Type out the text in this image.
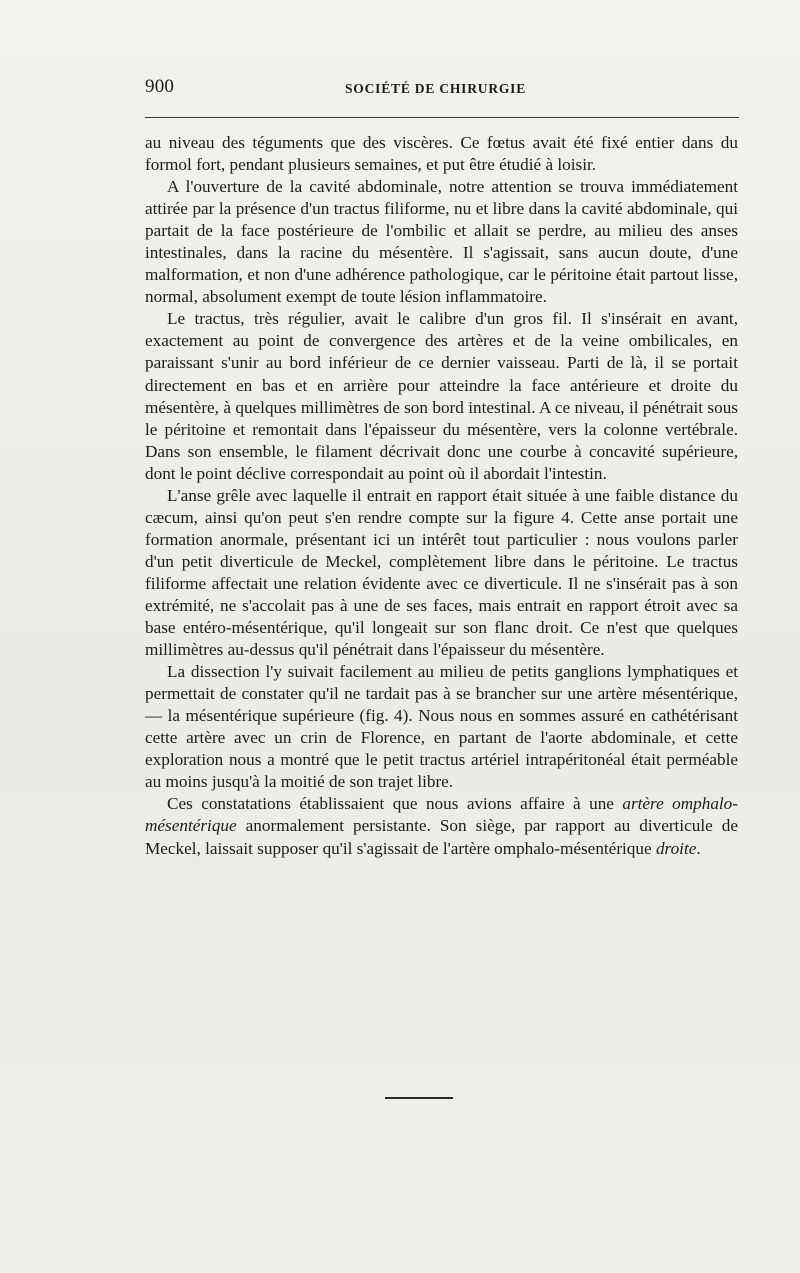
900	SOCIÉTÉ DE CHIRURGIE

au niveau des téguments que des viscères. Ce fœtus avait été fixé entier dans du formol fort, pendant plusieurs semaines, et put être étudié à loisir.

A l'ouverture de la cavité abdominale, notre attention se trouva immédiatement attirée par la présence d'un tractus filiforme, nu et libre dans la cavité abdominale, qui partait de la face postérieure de l'ombilic et allait se perdre, au milieu des anses intestinales, dans la racine du mésentère. Il s'agissait, sans aucun doute, d'une malformation, et non d'une adhérence pathologique, car le péritoine était partout lisse, normal, absolument exempt de toute lésion inflammatoire.

Le tractus, très régulier, avait le calibre d'un gros fil. Il s'insérait en avant, exactement au point de convergence des artères et de la veine ombilicales, en paraissant s'unir au bord inférieur de ce dernier vaisseau. Parti de là, il se portait directement en bas et en arrière pour atteindre la face antérieure et droite du mésentère, à quelques millimètres de son bord intestinal. A ce niveau, il pénétrait sous le péritoine et remontait dans l'épaisseur du mésentère, vers la colonne vertébrale. Dans son ensemble, le filament décrivait donc une courbe à concavité supérieure, dont le point déclive correspondait au point où il abordait l'intestin.

L'anse grêle avec laquelle il entrait en rapport était située à une faible distance du cæcum, ainsi qu'on peut s'en rendre compte sur la figure 4. Cette anse portait une formation anormale, présentant ici un intérêt tout particulier : nous voulons parler d'un petit diverticule de Meckel, complètement libre dans le péritoine. Le tractus filiforme affectait une relation évidente avec ce diverticule. Il ne s'insérait pas à son extrémité, ne s'accolait pas à une de ses faces, mais entrait en rapport étroit avec sa base entéro-mésentérique, qu'il longeait sur son flanc droit. Ce n'est que quelques millimètres au-dessus qu'il pénétrait dans l'épaisseur du mésentère.

La dissection l'y suivait facilement au milieu de petits ganglions lymphatiques et permettait de constater qu'il ne tardait pas à se brancher sur une artère mésentérique, — la mésentérique supérieure (fig. 4). Nous nous en sommes assuré en cathétérisant cette artère avec un crin de Florence, en partant de l'aorte abdominale, et cette exploration nous a montré que le petit tractus artériel intrapéritonéal était perméable au moins jusqu'à la moitié de son trajet libre.

Ces constatations établissaient que nous avions affaire à une artère omphalo-mésentérique anormalement persistante. Son siège, par rapport au diverticule de Meckel, laissait supposer qu'il s'agissait de l'artère omphalo-mésentérique droite.
